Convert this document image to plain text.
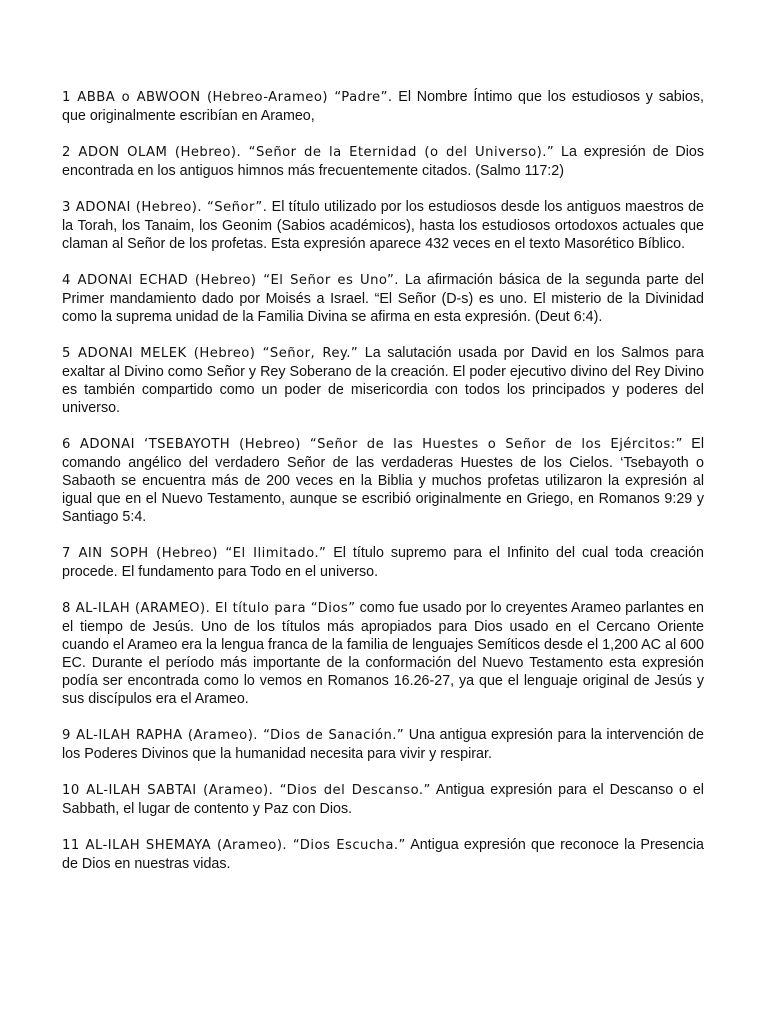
1 ABBA o ABWOON (Hebreo-Arameo) “Padre”. El Nombre Íntimo que los estudiosos y sabios, que originalmente escribían en Arameo,

2 ADON OLAM (Hebreo). “Señor de la Eternidad (o del Universo).” La expresión de Dios encontrada en los antiguos himnos más frecuentemente citados. (Salmo 117:2)

3 ADONAI (Hebreo). “Señor”. El título utilizado por los estudiosos desde los antiguos maestros de la Torah, los Tanaim, los Geonim (Sabios académicos), hasta los estudiosos ortodoxos actuales que claman al Señor de los profetas. Esta expresión aparece 432 veces en el texto Masorético Bíblico.

4 ADONAI ECHAD (Hebreo) “El Señor es Uno”. La afirmación básica de la segunda parte del Primer mandamiento dado por Moisés a Israel. “El Señor (D-s) es uno. El misterio de la Divinidad como la suprema unidad de la Familia Divina se afirma en esta expresión. (Deut 6:4).

5 ADONAI MELEK (Hebreo) “Señor, Rey.” La salutación usada por David en los Salmos para exaltar al Divino como Señor y Rey Soberano de la creación. El poder ejecutivo divino del Rey Divino es también compartido como un poder de misericordia con todos los principados y poderes del universo.

6 ADONAI ‘TSEBAYOTH (Hebreo) “Señor de las Huestes o Señor de los Ejércitos:” El comando angélico del verdadero Señor de las verdaderas Huestes de los Cielos. ‘Tsebayoth o Sabaoth se encuentra más de 200 veces en la Biblia y muchos profetas utilizaron la expresión al igual que en el Nuevo Testamento, aunque se escribió originalmente en Griego, en Romanos 9:29 y Santiago 5:4.

7 AIN SOPH (Hebreo) “El Ilimitado.” El título supremo para el Infinito del cual toda creación procede. El fundamento para Todo en el universo.

8 AL-ILAH (ARAMEO). El título para “Dios” como fue usado por lo creyentes Arameo parlantes en el tiempo de Jesús. Uno de los títulos más apropiados para Dios usado en el Cercano Oriente cuando el Arameo era la lengua franca de la familia de lenguajes Semíticos desde el 1,200 AC al 600 EC. Durante el período más importante de la conformación del Nuevo Testamento esta expresión podía ser encontrada como lo vemos en Romanos 16.26-27, ya que el lenguaje original de Jesús y sus discípulos era el Arameo.

9 AL-ILAH RAPHA (Arameo). “Dios de Sanación.” Una antigua expresión para la intervención de los Poderes Divinos que la humanidad necesita para vivir y respirar.

10 AL-ILAH SABTAI (Arameo). “Dios del Descanso.” Antigua expresión para el Descanso o el Sabbath, el lugar de contento y Paz con Dios.

11 AL-ILAH SHEMAYA (Arameo). “Dios Escucha.” Antigua expresión que reconoce la Presencia de Dios en nuestras vidas.
